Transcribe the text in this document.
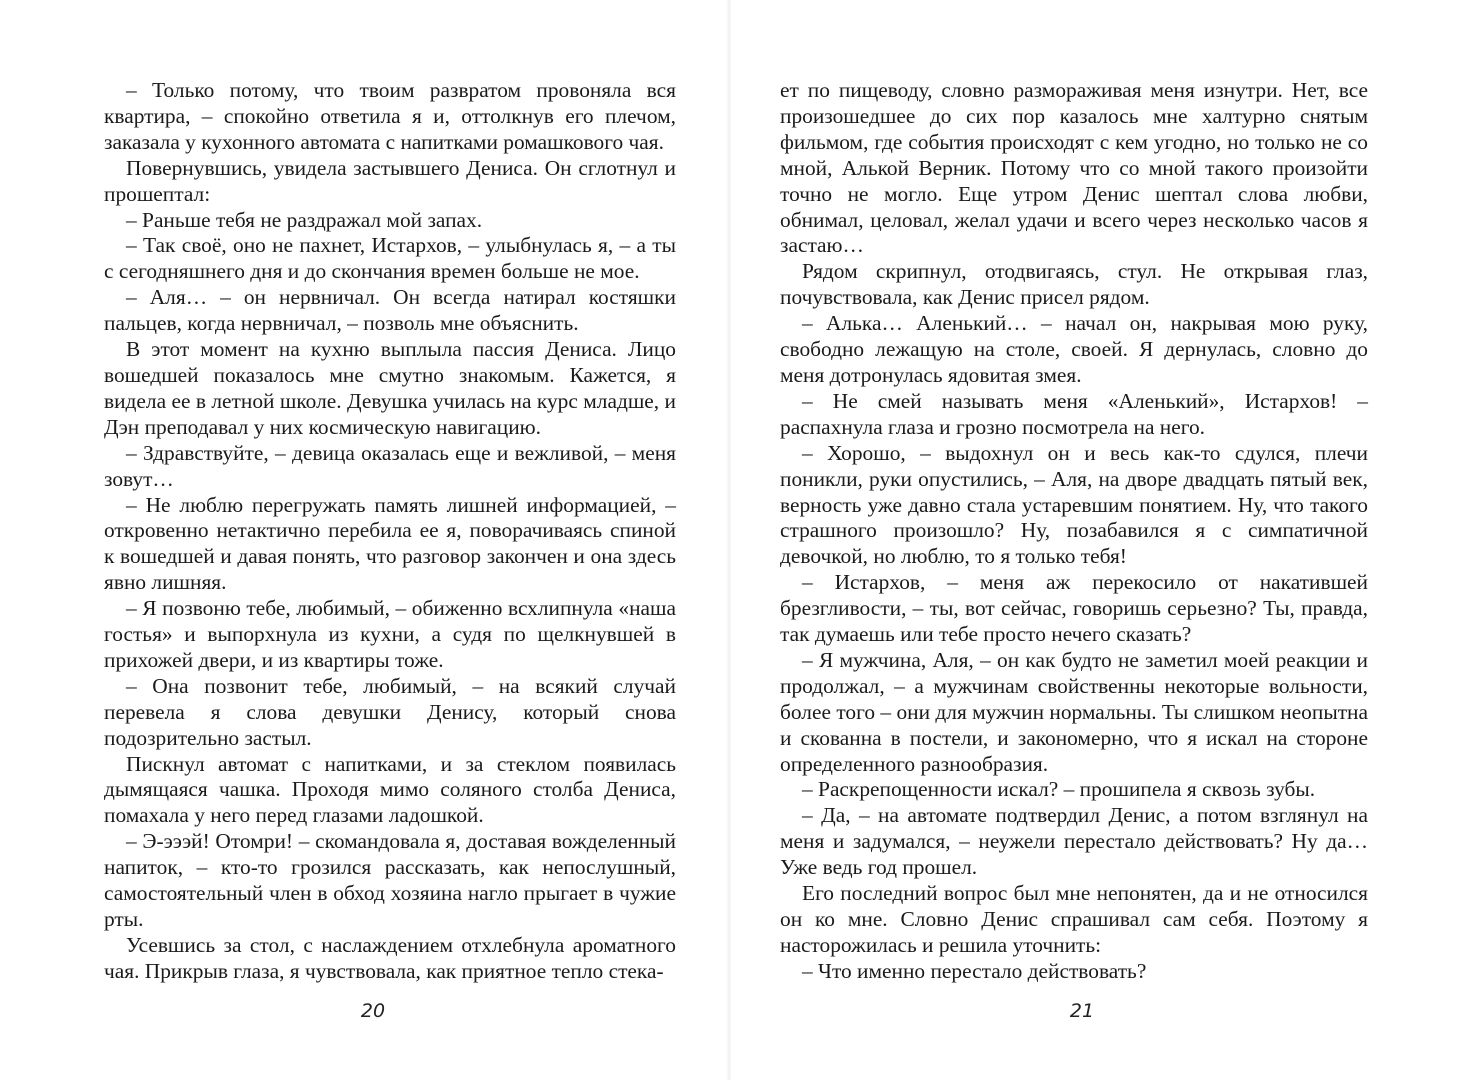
– Только потому, что твоим развратом провоняла вся квартира, – спокойно ответила я и, оттолкнув его плечом, заказала у кухонного автомата с напитками ромашкового чая.

Повернувшись, увидела застывшего Дениса. Он сглотнул и прошептал:

– Раньше тебя не раздражал мой запах.

– Так своё, оно не пахнет, Истархов, – улыбнулась я, – а ты с сегодняшнего дня и до скончания времен больше не мое.

– Аля… – он нервничал. Он всегда натирал костяшки пальцев, когда нервничал, – позволь мне объяснить.

В этот момент на кухню выплыла пассия Дениса. Лицо вошедшей показалось мне смутно знакомым. Кажется, я видела ее в летной школе. Девушка училась на курс младше, и Дэн преподавал у них космическую навигацию.

– Здравствуйте, – девица оказалась еще и вежливой, – меня зовут…

– Не люблю перегружать память лишней информацией, – откровенно нетактично перебила ее я, поворачиваясь спиной к вошедшей и давая понять, что разговор закончен и она здесь явно лишняя.

– Я позвоню тебе, любимый, – обиженно всхлипнула «наша гостья» и выпорхнула из кухни, а судя по щелкнувшей в прихожей двери, и из квартиры тоже.

– Она позвонит тебе, любимый, – на всякий случай перевела я слова девушки Денису, который снова подозрительно застыл.

Пискнул автомат с напитками, и за стеклом появилась дымящаяся чашка. Проходя мимо соляного столба Дениса, помахала у него перед глазами ладошкой.

– Э-эээй! Отомри! – скомандовала я, доставая вожделенный напиток, – кто-то грозился рассказать, как непослушный, самостоятельный член в обход хозяина нагло прыгает в чужие рты.

Усевшись за стол, с наслаждением отхлебнула ароматного чая. Прикрыв глаза, я чувствовала, как приятное тепло стека-

20

ет по пищеводу, словно размораживая меня изнутри. Нет, все произошедшее до сих пор казалось мне халтурно снятым фильмом, где события происходят с кем угодно, но только не со мной, Алькой Верник. Потому что со мной такого произойти точно не могло. Еще утром Денис шептал слова любви, обнимал, целовал, желал удачи и всего через несколько часов я застаю…

Рядом скрипнул, отодвигаясь, стул. Не открывая глаз, почувствовала, как Денис присел рядом.

– Алька… Аленький… – начал он, накрывая мою руку, свободно лежащую на столе, своей. Я дернулась, словно до меня дотронулась ядовитая змея.

– Не смей называть меня «Аленький», Истархов! – распахнула глаза и грозно посмотрела на него.

– Хорошо, – выдохнул он и весь как-то сдулся, плечи поникли, руки опустились, – Аля, на дворе двадцать пятый век, верность уже давно стала устаревшим понятием. Ну, что такого страшного произошло? Ну, позабавился я с симпатичной девочкой, но люблю, то я только тебя!

– Истархов, – меня аж перекосило от накатившей брезгливости, – ты, вот сейчас, говоришь серьезно? Ты, правда, так думаешь или тебе просто нечего сказать?

– Я мужчина, Аля, – он как будто не заметил моей реакции и продолжал, – а мужчинам свойственны некоторые вольности, более того – они для мужчин нормальны. Ты слишком неопытна и скованна в постели, и закономерно, что я искал на стороне определенного разнообразия.

– Раскрепощенности искал? – прошипела я сквозь зубы.

– Да, – на автомате подтвердил Денис, а потом взглянул на меня и задумался, – неужели перестало действовать? Ну да… Уже ведь год прошел.

Его последний вопрос был мне непонятен, да и не относился он ко мне. Словно Денис спрашивал сам себя. Поэтому я насторожилась и решила уточнить:

– Что именно перестало действовать?

21
